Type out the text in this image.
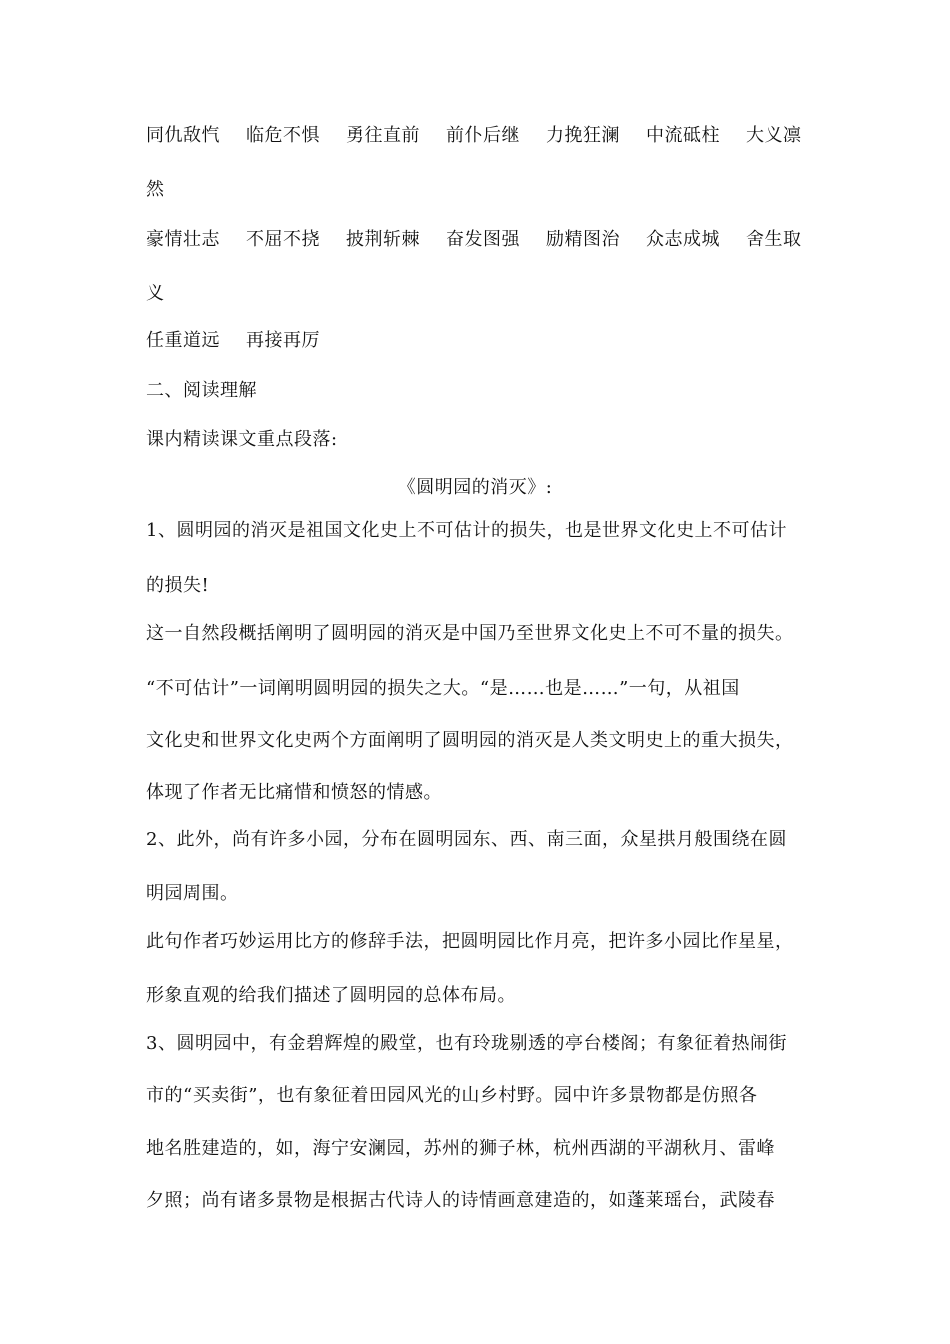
同仇敌忾 临危不惧 勇往直前 前仆后继 力挽狂澜 中流砥柱 大义凛
然
豪情壮志 不屈不挠 披荆斩棘 奋发图强 励精图治 众志成城 舍生取
义
任重道远 再接再厉
二、阅读理解
课内精读课文重点段落:
《圆明园的消灭》:
1、圆明园的消灭是祖国文化史上不可估计的损失，也是世界文化史上不可估计
的损失!
这一自然段概括阐明了圆明园的消灭是中国乃至世界文化史上不可不量的损失。
“不可估计”一词阐明圆明园的损失之大。“是……也是……”一句，从祖国
文化史和世界文化史两个方面阐明了圆明园的消灭是人类文明史上的重大损失，
体现了作者无比痛惜和愤怒的情感。
2、此外，尚有许多小园，分布在圆明园东、西、南三面，众星拱月般围绕在圆
明园周围。
此句作者巧妙运用比方的修辞手法，把圆明园比作月亮，把许多小园比作星星，
形象直观的给我们描述了圆明园的总体布局。
3、圆明园中，有金碧辉煌的殿堂，也有玲珑剔透的亭台楼阁；有象征着热闹街
市的“买卖街”，也有象征着田园风光的山乡村野。园中许多景物都是仿照各
地名胜建造的，如，海宁安澜园，苏州的狮子林，杭州西湖的平湖秋月、雷峰
夕照；尚有诸多景物是根据古代诗人的诗情画意建造的，如蓬莱瑶台，武陵春
